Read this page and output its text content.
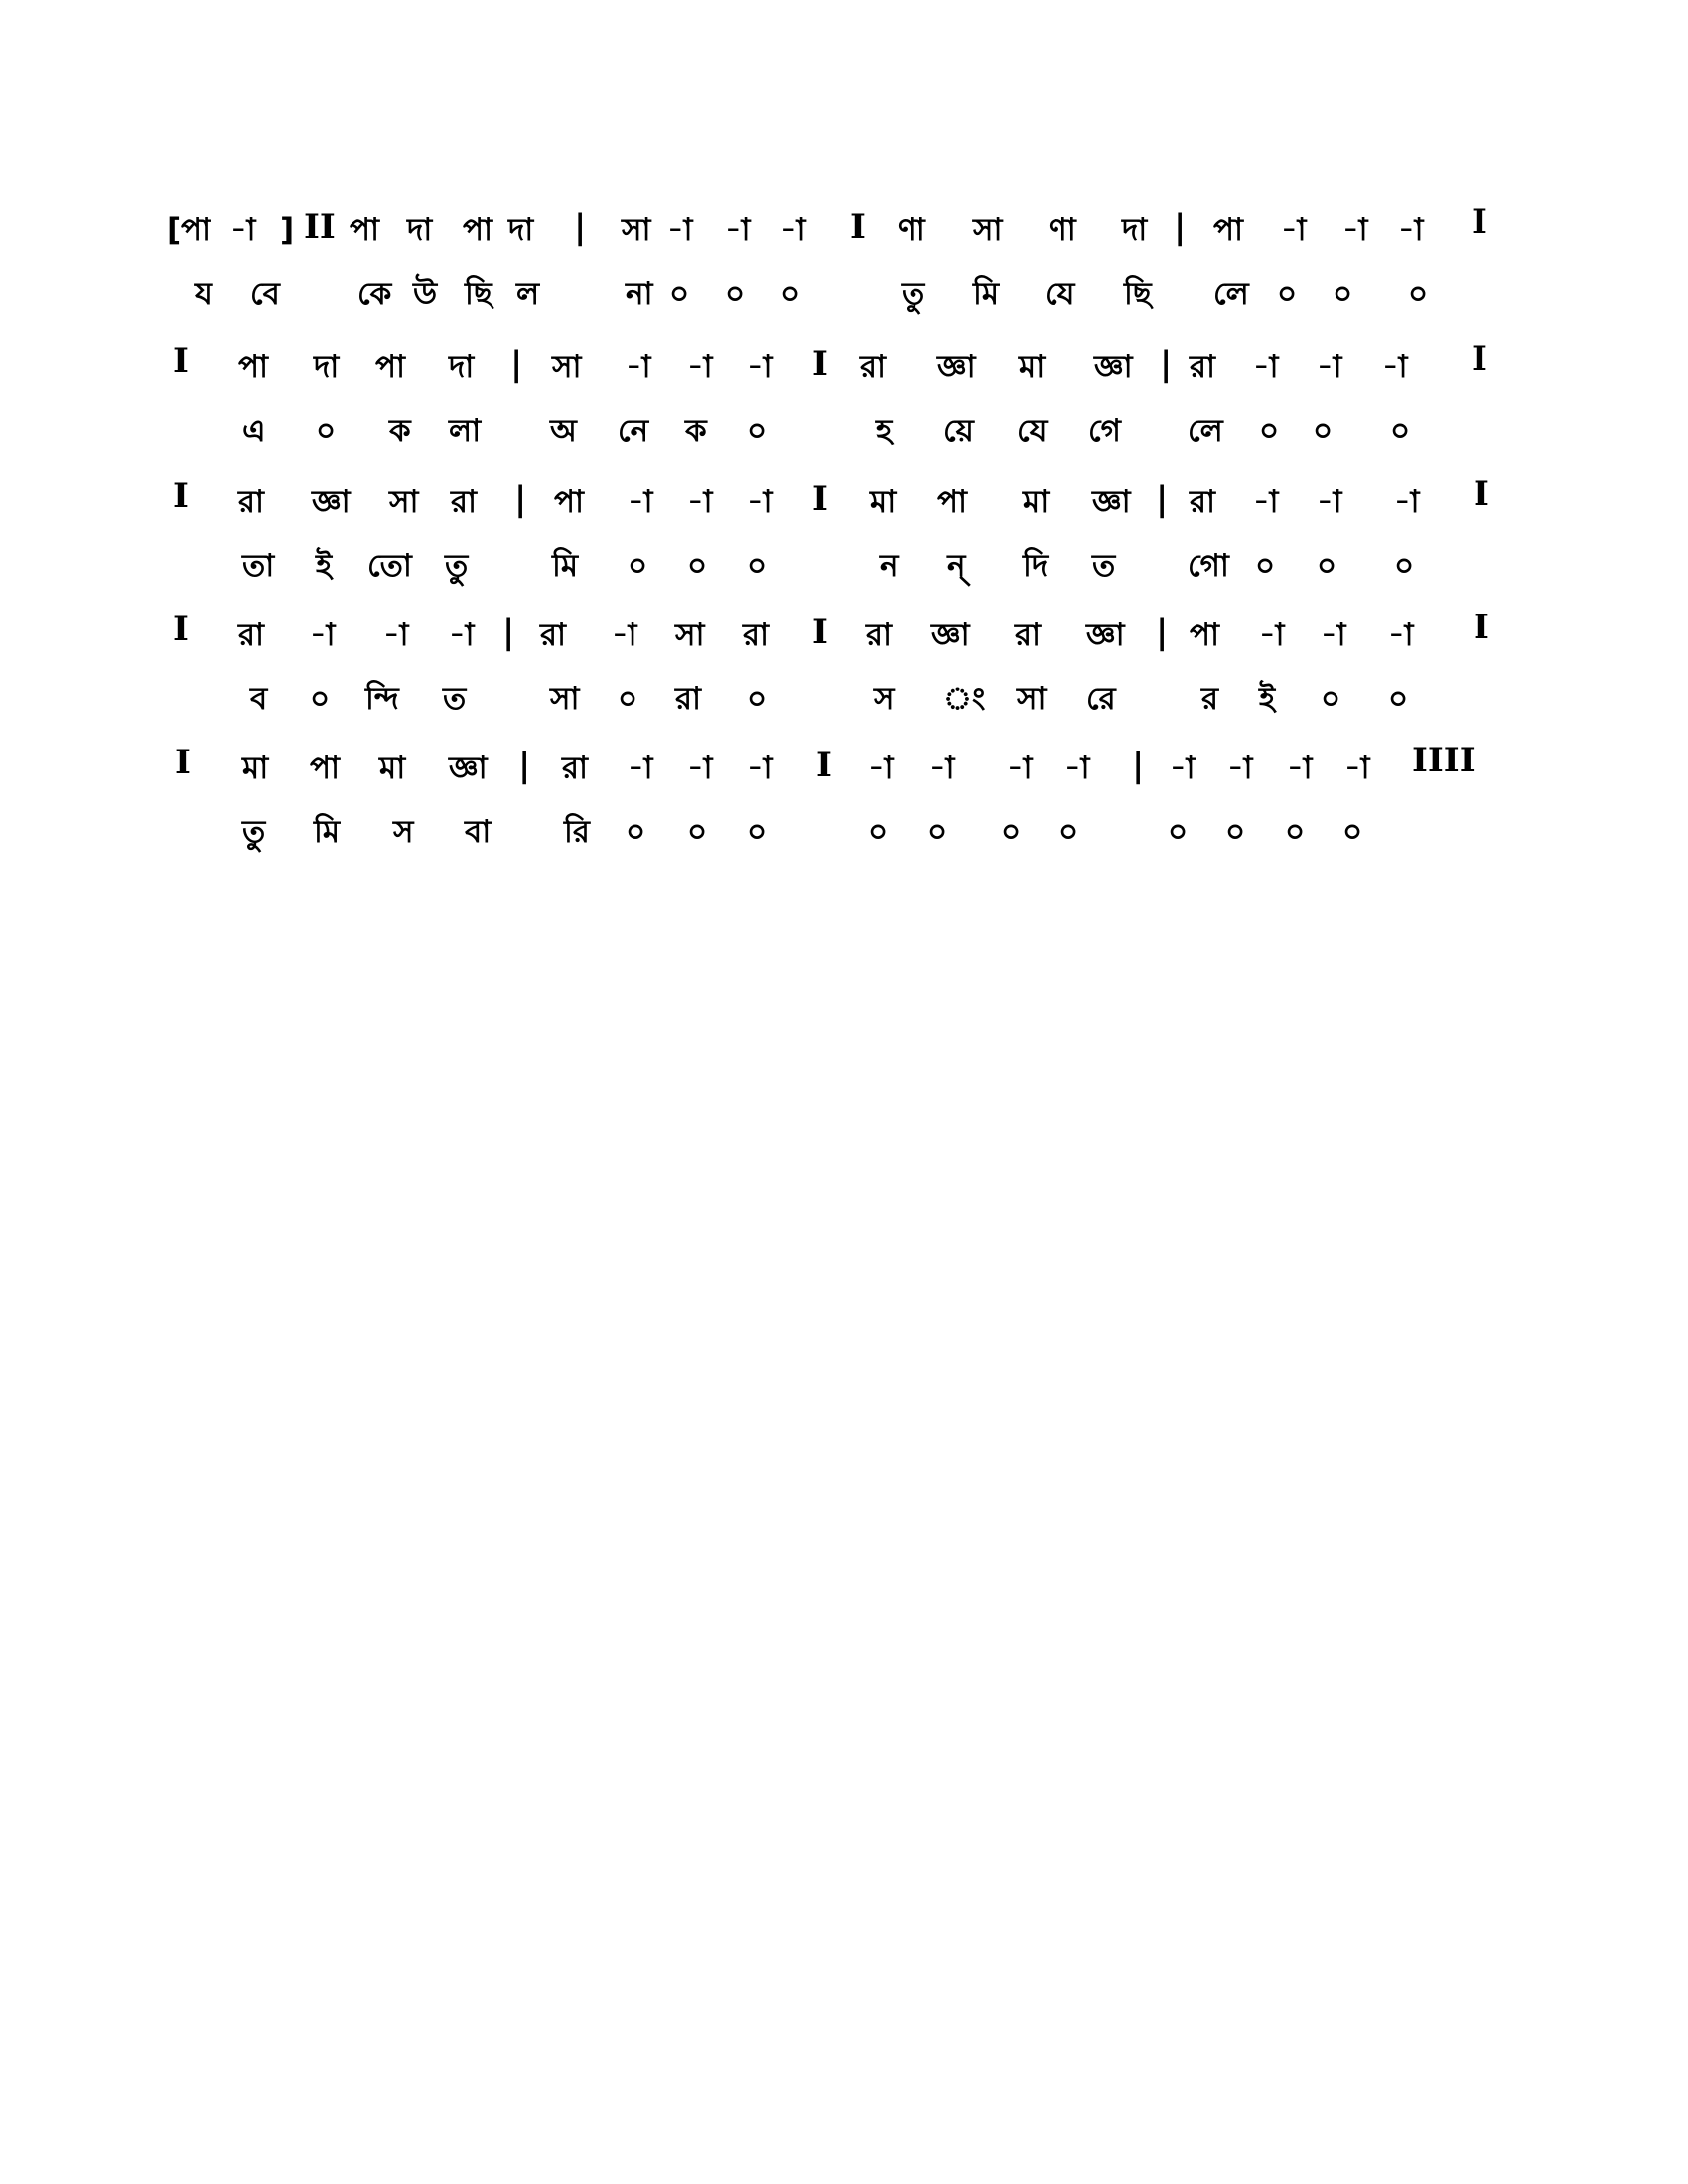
[ পা -া ] II পা দা পা দা | সা -া -া -া I ণা সা ণা দা | পা -া -া -া I
য বে	কে উ ছি ল	না ০ ০ ০	তু মি যে ছি লে ০ ০ ০
I পা দা পা দা | সা -া -া -া I রা জ্ঞা মা জ্ঞা | রা -া -া -া I
এ ০ ক লা অ নে ক ০	হ য়ে যে গে লে ০ ০ ০
I রা জ্ঞা সা রা | পা -া -া -া I মা পা মা জ্ঞা | রা -া -া -া I
তা ই তো তু	মি ০ ০ ০	ন ন্ দি ত গো ০ ০ ০
I রা -া -া -া | রা -া সা রা I রা জ্ঞা রা জ্ঞা | পা -া -া -া I
ব ০ ন্দি ত	সা ০ রা ০	স ং সা রে	র ই ০ ০
I মা পা মা জ্ঞা | রা -া -া -া I -া -া -া -া | -া -া -া -া IIII
তু মি স বা রি ০ ০ ০	০ ০ ০ ০	০ ০ ০ ০
